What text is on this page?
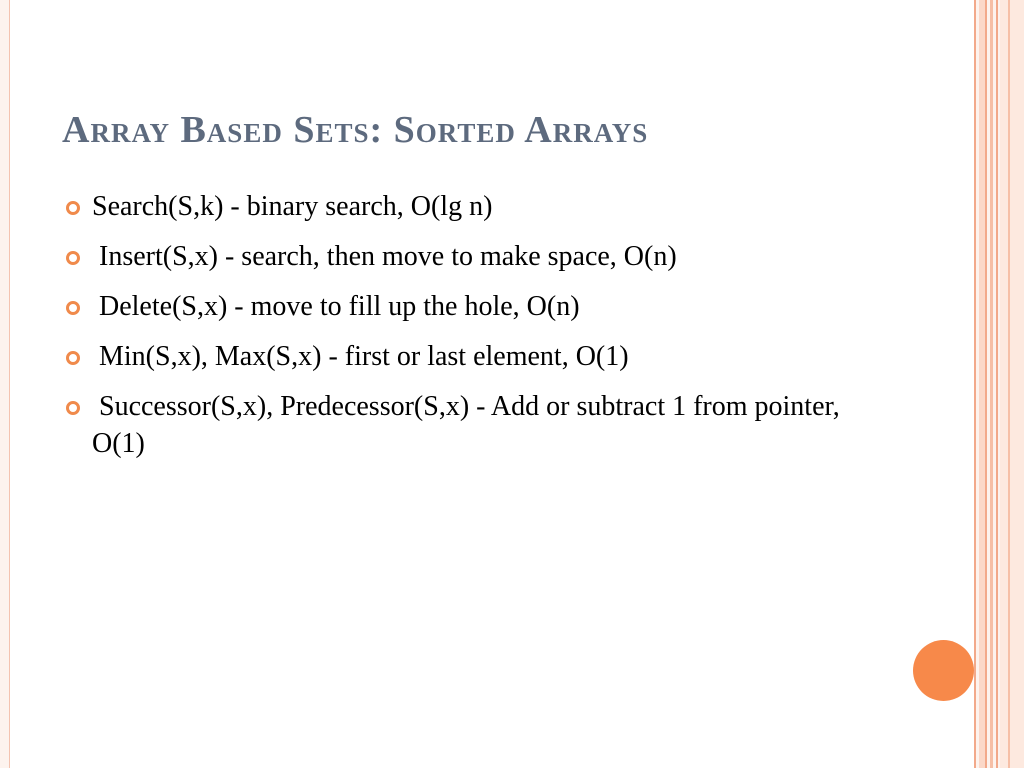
Array Based Sets: Sorted Arrays
Search(S,k) - binary search, O(lg n)
Insert(S,x) - search, then move to make space, O(n)
Delete(S,x) - move to fill up the hole, O(n)
Min(S,x), Max(S,x) - first or last element, O(1)
Successor(S,x), Predecessor(S,x) - Add or subtract 1 from pointer, O(1)
